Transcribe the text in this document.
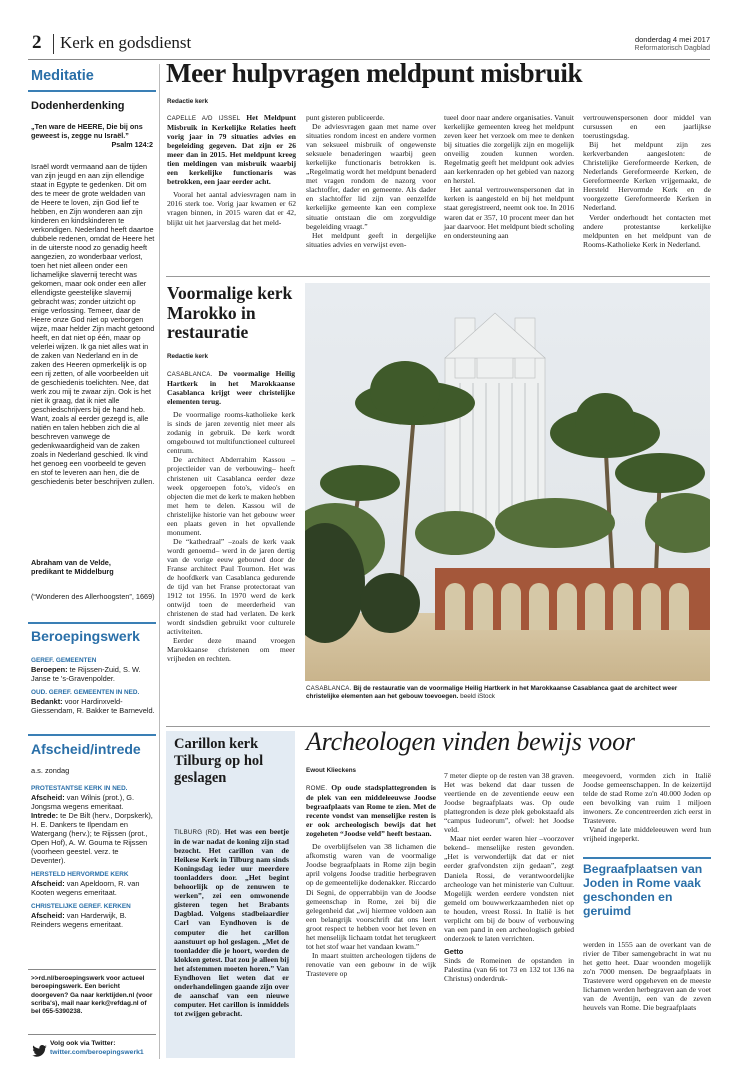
2 Kerk en godsdienst	donderdag 4 mei 2017
Reformatorisch Dagblad
Meditatie
Dodenherdenking
„Ten ware de HEERE, Die bij ons geweest is, zegge nu Israël.”
Psalm 124:2
Israël wordt vermaand aan de tijden van zijn jeugd en aan zijn ellendige staat in Egypte te gedenken. Dit om des te meer de grote weldaden van de Heere te loven, zijn God lief te hebben, en Zijn wonderen aan zijn kinderen en kindskinderen te verkondigen. Nederland heeft daartoe dubbele redenen, omdat de Heere het in de uiterste nood zo genadig heeft aangezien, zo wonderbaar verlost, toen het niet alleen onder een lichamelijke slavernij terecht was gekomen, maar ook onder een aller ellendigste geestelijke slavernij gebracht was; zonder uitzicht op enige verlossing. Temeer, daar de Heere onze God niet op verborgen wijze, maar helder Zijn macht getoond heeft, en dat niet op één, maar op velerlei wijzen. Ik ga niet alles wat in de zaken van Nederland en in de zaken des Heeren opmerkelijk is op een rij zetten, of alle voorbeelden uit de geschiedenis toelichten. Nee, dat werk zou mij te zwaar zijn. Ook is het niet ik graag, dat ik niet alle geschiedschrijvers bij de hand heb. Want, zoals al eerder gezegd is, alle natiën en talen hebben zich die al beschreven vanwege de gedenkwaardigheid van de zaken zoals in Nederland geschied. Ik vind het genoeg een voorbeeld te geven en stof te leveren aan hen, die de geschiedenis beter beschrijven zullen.
Abraham van de Velde,
predikant te Middelburg
(“Wonderen des Allerhoogsten”, 1669)
Beroepingswerk
GEREF. GEMEENTEN
Beroepen: te Rijssen-Zuid, S. W. Janse te 's-Gravenpolder.
OUD. GEREF. GEMEENTEN IN NED.
Bedankt: voor Hardinxveld-Giessendam, R. Bakker te Barneveld.
Afscheid/intrede
a.s. zondag
PROTESTANTSE KERK IN NED.
Afscheid: van Wilnis (prot.), G. Jongsma wegens emeritaat.
Intrede: te De Bilt (herv., Dorpskerk), H. E. Dankers te Ilpendam en Watergang (herv.); te Rijssen (prot., Open Hof), A. W. Gouma te Rijssen (voorheen geestel. verz. te Deventer).
HERSTELD HERVORMDE KERK
Afscheid: van Apeldoorn, R. van Kooten wegens emeritaat.
CHRISTELIJKE GEREF. KERKEN
Afscheid: van Harderwijk, B. Reinders wegens emeritaat.
>>rd.nl/beroepingswerk voor actueel beroepingswerk. Een bericht doorgeven? Ga naar kerktijden.nl (voor scriba's), mail naar kerk@refdag.nl of bel 055-5390238.
Volg ook via Twitter:
twitter.com/beroepingswerk1
Meer hulpvragen meldpunt misbruik
Redactie kerk

CAPELLE A/D IJSSEL Het Meldpunt Misbruik in Kerkelijke Relaties heeft vorig jaar in 79 situaties advies en begeleiding gegeven. Dat zijn er 26 meer dan in 2015. Het meldpunt kreeg tien meldingen van misbruik waarbij een kerkelijke functionaris was betrokken, een jaar eerder acht.

Vooral het aantal adviesvragen nam in 2016 sterk toe. Vorig jaar kwamen er 62 vragen binnen, in 2015 waren dat er 42, blijkt uit het jaarverslag dat het meld-

punt gisteren publiceerde.

De adviesvragen gaan met name over situaties rondom incest en andere vormen van seksueel misbruik of ongewenste seksuele benaderingen waarbij geen kerkelijke functionaris betrokken is. „Regelmatig wordt het meldpunt benaderd met vragen rondom de nazorg voor slachtoffer, dader en gemeente. Als dader en slachtoffer lid zijn van eenzelfde kerkelijke gemeente kan een complexe situatie ontstaan die om zorgvuldige begeleiding vraagt.”

Het meldpunt geeft in dergelijke situaties advies en verwijst even-

tueel door naar andere organisaties. Vanuit kerkelijke gemeenten kreeg het meldpunt zeven keer het verzoek om mee te denken bij situaties die zorgelijk zijn en mogelijk onveilig zouden kunnen worden. Regelmatig geeft het meldpunt ook advies aan kerkenraden op het gebied van nazorg en herstel.

Het aantal vertrouwenspersonen dat in kerken is aangesteld en bij het meldpunt staat geregistreerd, neemt ook toe. In 2016 waren dat er 357, 10 procent meer dan het jaar daarvoor. Het meldpunt biedt scholing en ondersteuning aan

vertrouwenspersonen door middel van cursussen en een jaarlijkse toerustingsdag.

Bij het meldpunt zijn zes kerkverbanden aangesloten: de Christelijke Gereformeerde Kerken, de Nederlands Gereformeerde Kerken, de Gereformeerde Kerken vrijgemaakt, de Hersteld Hervormde Kerk en de voorgezette Gereformeerde Kerken in Nederland.

Verder onderhoudt het contacten met andere protestantse kerkelijke meldpunten en het meldpunt van de Rooms-Katholieke Kerk in Nederland.

Voormalige kerk Marokko in restauratie
Redactie kerk

CASABLANCA. De voormalige Heilig Hartkerk in het Marokkaanse Casablanca krijgt weer christelijke elementen terug.

De voormalige rooms-katholieke kerk is sinds de jaren zeventig niet meer als zodanig in gebruik. De kerk wordt omgebouwd tot multifunctioneel cultureel centrum.

De architect Abderrahim Kassou –projectleider van de verbouwing– heeft christenen uit Casablanca eerder deze week opgeroepen foto's, video's en objecten die met de kerk te maken hebben met hem te delen. Kassou wil de christelijke historie van het gebouw weer een plaats geven in het opvallende monument.

De “kathedraal” –zoals de kerk vaak wordt genoemd– werd in de jaren dertig van de vorige eeuw gebouwd door de Franse architect Paul Tournon. Het was de hoofdkerk van Casablanca gedurende de tijd van het Franse protectoraat van 1912 tot 1956. In 1970 werd de kerk ontwijd toen de meerderheid van christenen de stad had verlaten. De kerk wordt sindsdien gebruikt voor culturele activiteiten.

Eerder deze maand vroegen Marokkaanse christenen om meer vrijheden en rechten.

CASABLANCA. Bij de restauratie van de voormalige Heilig Hartkerk in het Marokkaanse Casablanca gaat de architect weer christelijke elementen aan het gebouw toevoegen. beeld iStock
Carillon kerk Tilburg op hol geslagen

TILBURG (RD). Het was een beetje in de war nadat de koning zijn stad bezocht. Het carillon van de Heikese Kerk in Tilburg nam sinds Koningsdag ieder uur meerdere toonladders door. „Het begint behoorlijk op de zenuwen te werken”, zei een omwonende gisteren tegen het Brabants Dagblad. Volgens stadbeiaardier Carl van Eyndhoven is de computer die het carillon aanstuurt op hol geslagen. „Met de toonladder die je hoort, worden de klokken getest. Dat zou je alleen bij het afstemmen moeten horen.” Van Eyndhoven liet weten dat er onderhandelingen gaande zijn over de aanschaf van een nieuwe computer. Het carillon is inmiddels tot zwijgen gebracht.

Archeologen vinden bewijs voor
Ewout Klieckens

ROME. Op oude stadsplattegronden is de plek van een middeleeuwse Joodse begraafplaats van Rome te zien. Met de recente vondst van menselijke resten is er ook archeologisch bewijs dat het zogeheten “Joodse veld” heeft bestaan.

De overblijfselen van 38 lichamen die afkomstig waren van de voormalige Joodse begraafplaats in Rome zijn begin april volgens Joodse traditie herbegraven op de gemeentelijke dodenakker. Riccardo Di Segni, de opperrabbijn van de Joodse gemeenschap in Rome, zei bij die gelegenheid dat „wij hiermee voldoen aan een belangrijk voorschrift dat ons leert groot respect te hebben voor het leven en het menselijk lichaam totdat het terugkeert tot het stof waar het vandaan kwam.”

In maart stuitten archeologen tijdens de renovatie van een gebouw in de wijk Trastevere op

7 meter diepte op de resten van 38 graven. Het was bekend dat daar tussen de veertiende en de zeventiende eeuw een Joodse begraafplaats was. Op oude plattegronden is deze plek gebokstaafd als “campus Iudeorum”, ofwel: het Joodse veld.

Maar niet eerder waren hier –voorzover bekend– menselijke resten gevonden. „Het is verwonderlijk dat dat er niet eerder grafvondsten zijn gedaan”, zegt Daniela Rossi, de verantwoordelijke archeologe van het ministerie van Cultuur. Mogelijk werden eerdere vondsten niet gemeld om bouwwerkzaamheden niet op te houden, vreest Rossi. In Italië is het verplicht om bij de bouw of verbouwing van een pand in een archeologisch gebied onderzoek te laten verrichten.

Getto

Sinds de Romeinen de opstanden in Palestina (van 66 tot 73 en 132 tot 136 na Christus) onderdruk-

meegevoerd, vormden zich in Italië Joodse gemeenschappen. In de keizertijd telde de stad Rome zo'n 40.000 Joden op een bevolking van ruim 1 miljoen inwoners. Ze concentreerden zich eerst in Trastevere.

Vanaf de late middeleeuwen werd hun vrijheid ingeperkt.

Begraafplaatsen van Joden in Rome vaak geschonden en geruimd

werden in 1555 aan de overkant van de rivier de Tiber samengebracht in wat nu het getto heet. Daar woonden mogelijk zo'n 7000 mensen. De begraafplaats in Trastevere werd opgeheven en de meeste lichamen werden herbegraven aan de voet van de Aventijn, een van de zeven heuvels van Rome. Die begraafplaats
